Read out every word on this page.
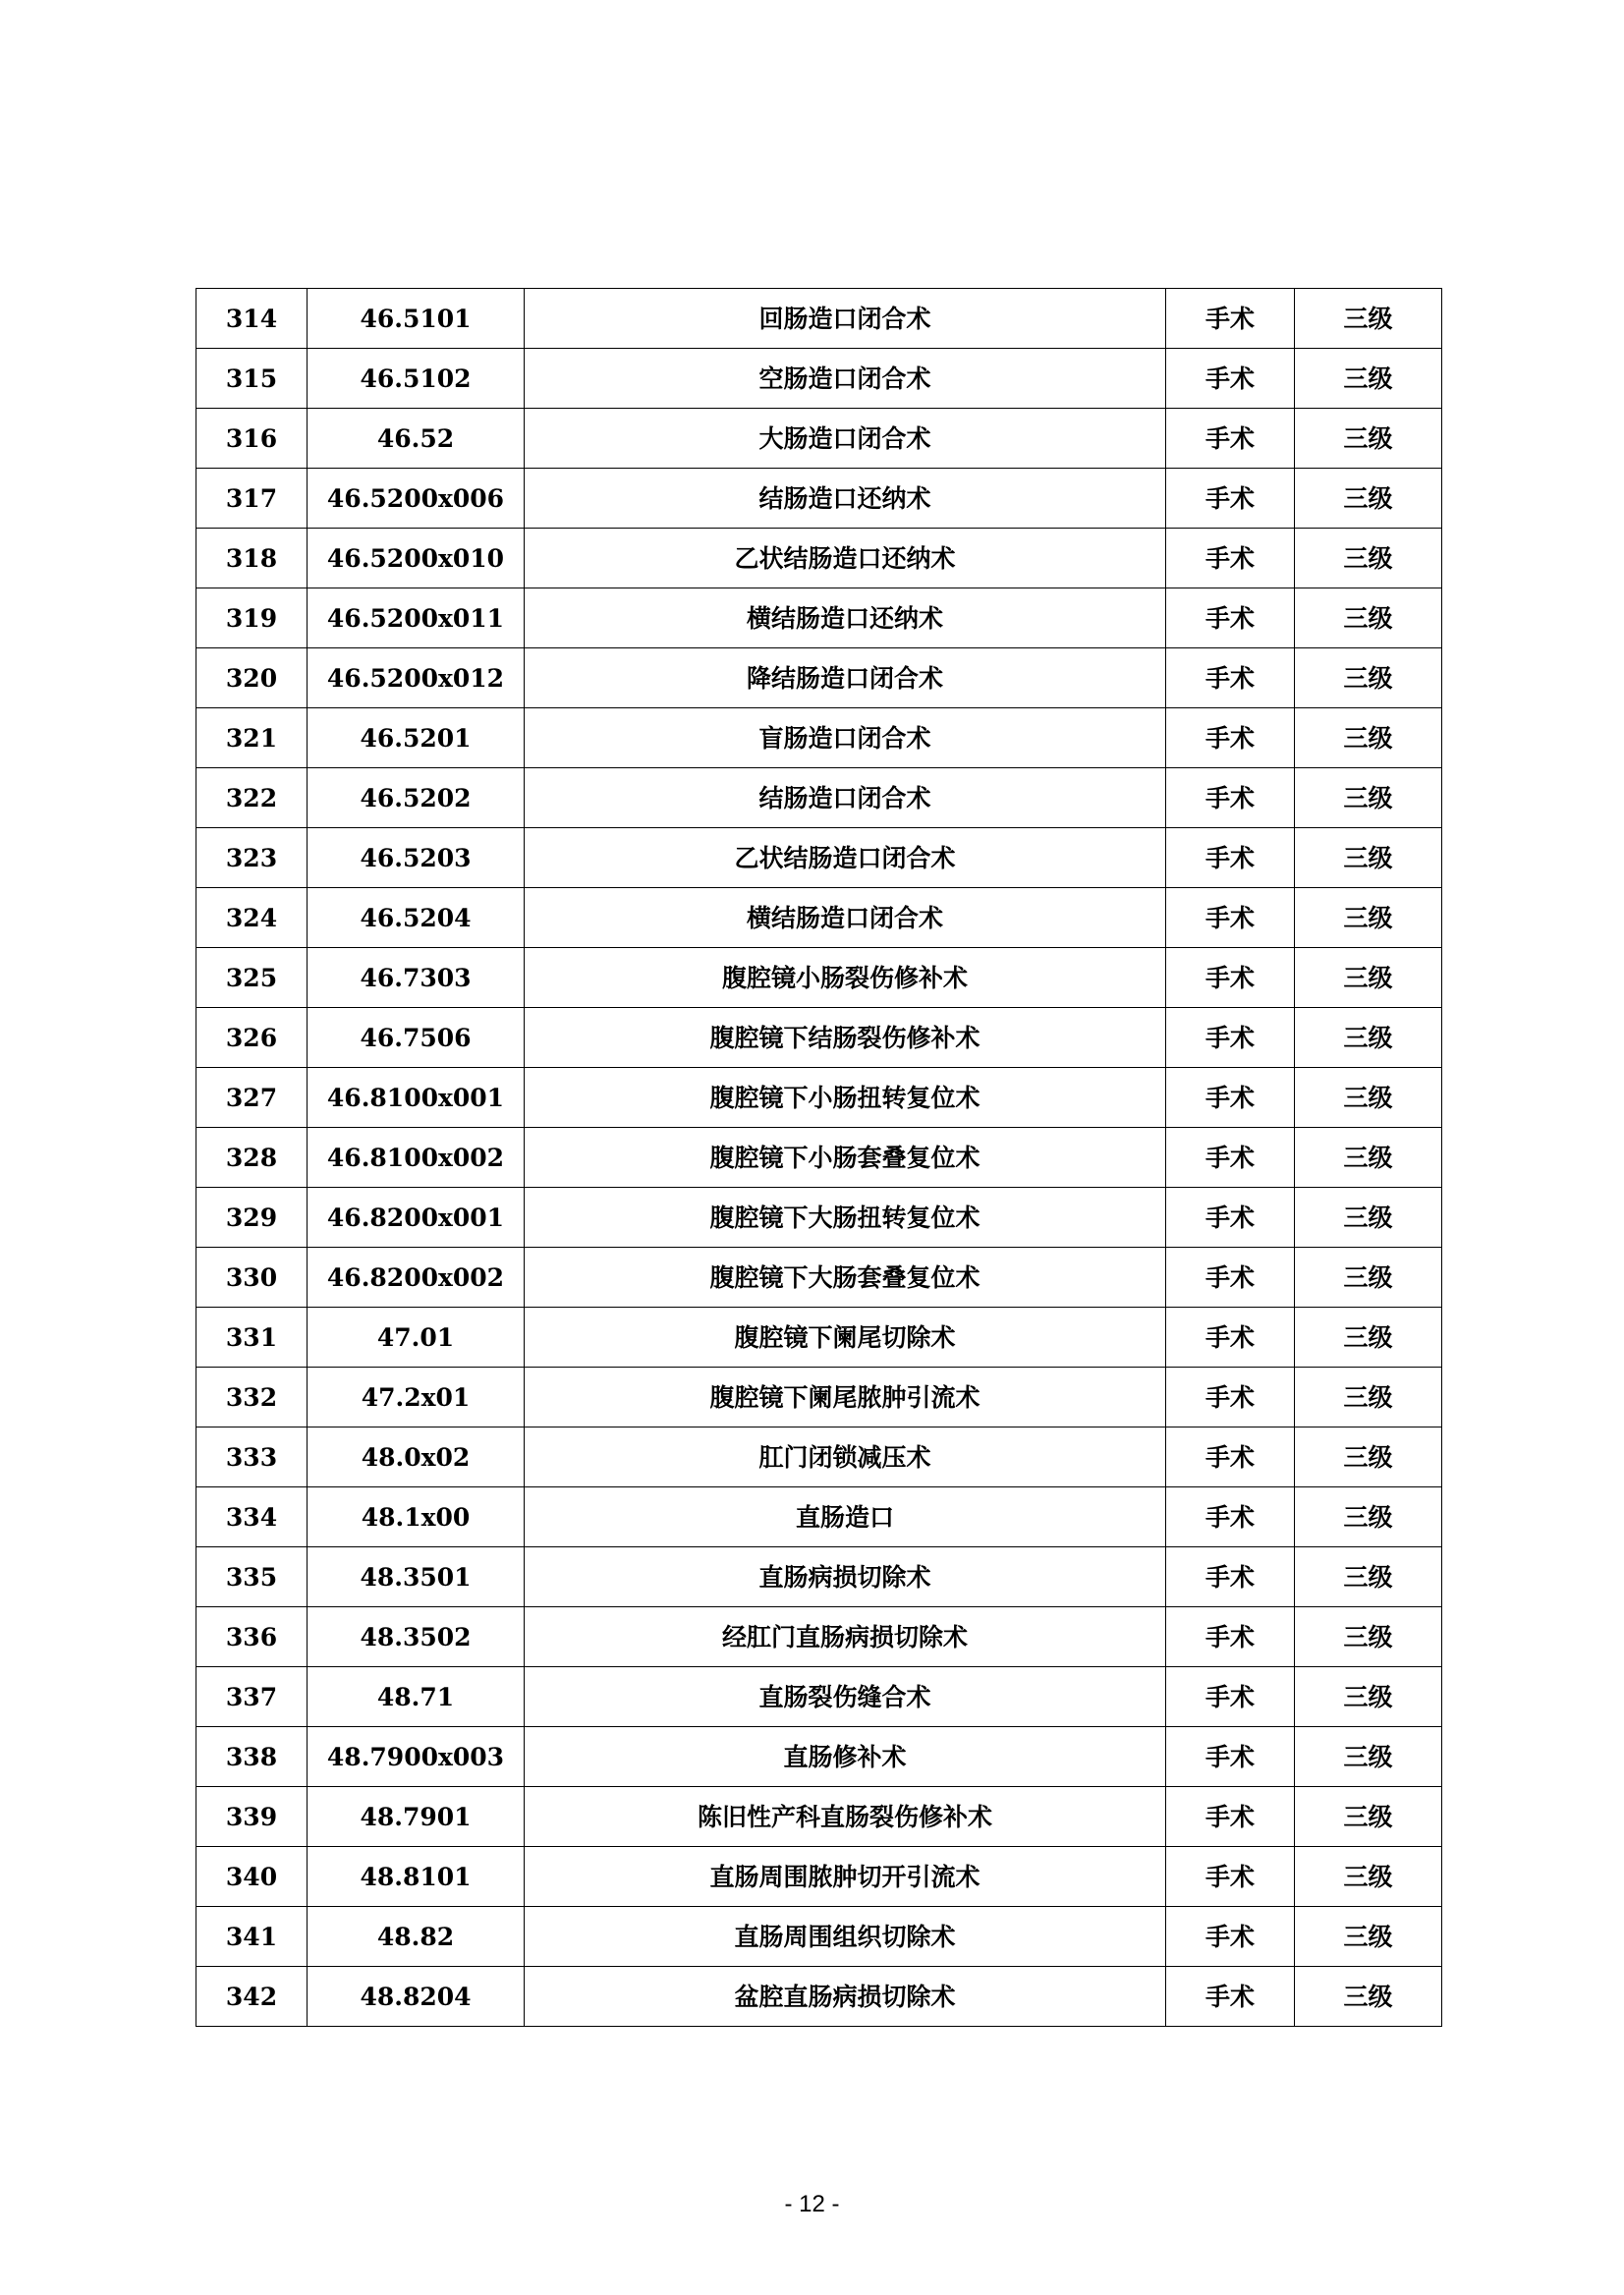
314	46.5101	回肠造口闭合术	手术	三级
315	46.5102	空肠造口闭合术	手术	三级
316	46.52	大肠造口闭合术	手术	三级
317	46.5200x006	结肠造口还纳术	手术	三级
318	46.5200x010	乙状结肠造口还纳术	手术	三级
319	46.5200x011	横结肠造口还纳术	手术	三级
320	46.5200x012	降结肠造口闭合术	手术	三级
321	46.5201	盲肠造口闭合术	手术	三级
322	46.5202	结肠造口闭合术	手术	三级
323	46.5203	乙状结肠造口闭合术	手术	三级
324	46.5204	横结肠造口闭合术	手术	三级
325	46.7303	腹腔镜小肠裂伤修补术	手术	三级
326	46.7506	腹腔镜下结肠裂伤修补术	手术	三级
327	46.8100x001	腹腔镜下小肠扭转复位术	手术	三级
328	46.8100x002	腹腔镜下小肠套叠复位术	手术	三级
329	46.8200x001	腹腔镜下大肠扭转复位术	手术	三级
330	46.8200x002	腹腔镜下大肠套叠复位术	手术	三级
331	47.01	腹腔镜下阑尾切除术	手术	三级
332	47.2x01	腹腔镜下阑尾脓肿引流术	手术	三级
333	48.0x02	肛门闭锁减压术	手术	三级
334	48.1x00	直肠造口	手术	三级
335	48.3501	直肠病损切除术	手术	三级
336	48.3502	经肛门直肠病损切除术	手术	三级
337	48.71	直肠裂伤缝合术	手术	三级
338	48.7900x003	直肠修补术	手术	三级
339	48.7901	陈旧性产科直肠裂伤修补术	手术	三级
340	48.8101	直肠周围脓肿切开引流术	手术	三级
341	48.82	直肠周围组织切除术	手术	三级
342	48.8204	盆腔直肠病损切除术	手术	三级
- 12 -
